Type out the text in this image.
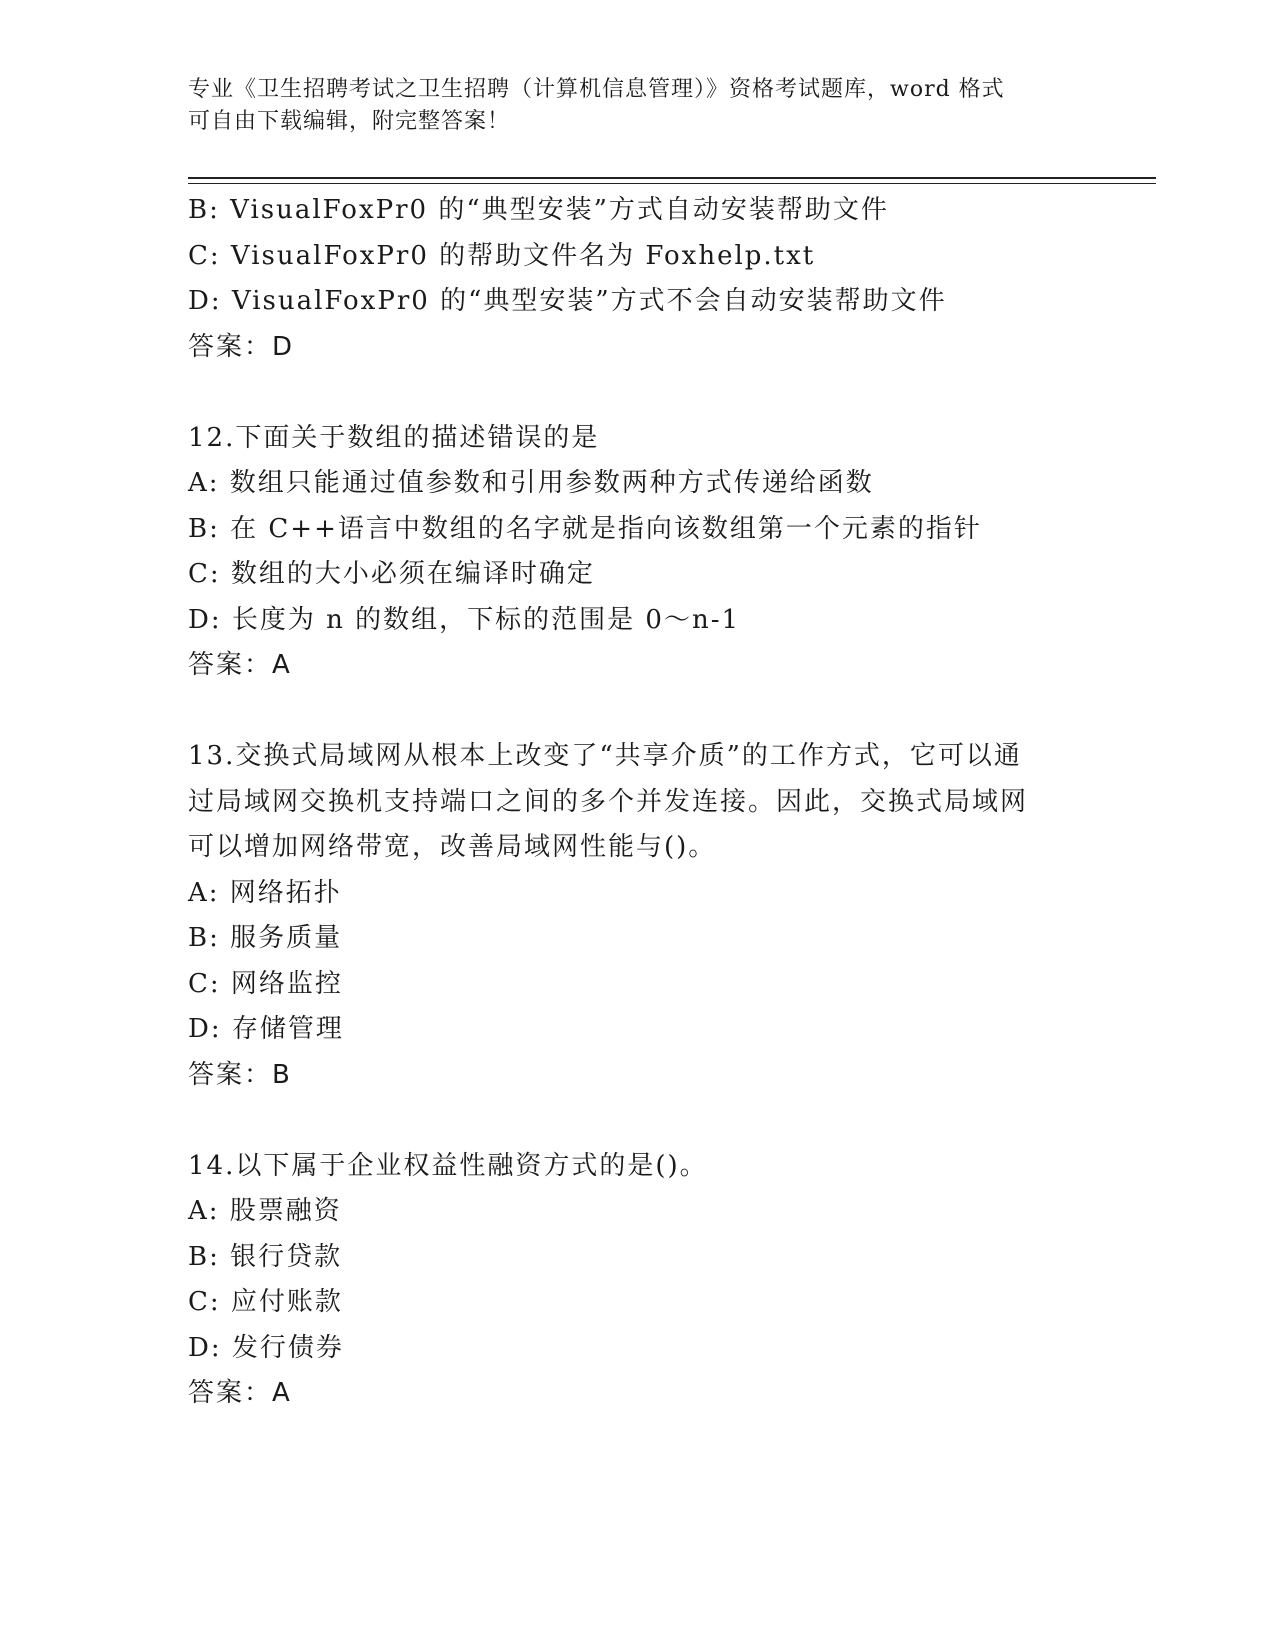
专业《卫生招聘考试之卫生招聘（计算机信息管理）》资格考试题库，word 格式
可自由下载编辑，附完整答案！
B: VisualFoxPr0 的“典型安装”方式自动安装帮助文件
C: VisualFoxPr0 的帮助文件名为 Foxhelp.txt
D: VisualFoxPr0 的“典型安装”方式不会自动安装帮助文件
答案：D
12.下面关于数组的描述错误的是
A: 数组只能通过值参数和引用参数两种方式传递给函数
B: 在 C++语言中数组的名字就是指向该数组第一个元素的指针
C: 数组的大小必须在编译时确定
D: 长度为 n 的数组，下标的范围是 0～n-1
答案：A
13.交换式局域网从根本上改变了“共享介质”的工作方式，它可以通
过局域网交换机支持端口之间的多个并发连接。因此，交换式局域网
可以增加网络带宽，改善局域网性能与()。
A: 网络拓扑
B: 服务质量
C: 网络监控
D: 存储管理
答案：B
14.以下属于企业权益性融资方式的是()。
A: 股票融资
B: 银行贷款
C: 应付账款
D: 发行债券
答案：A
